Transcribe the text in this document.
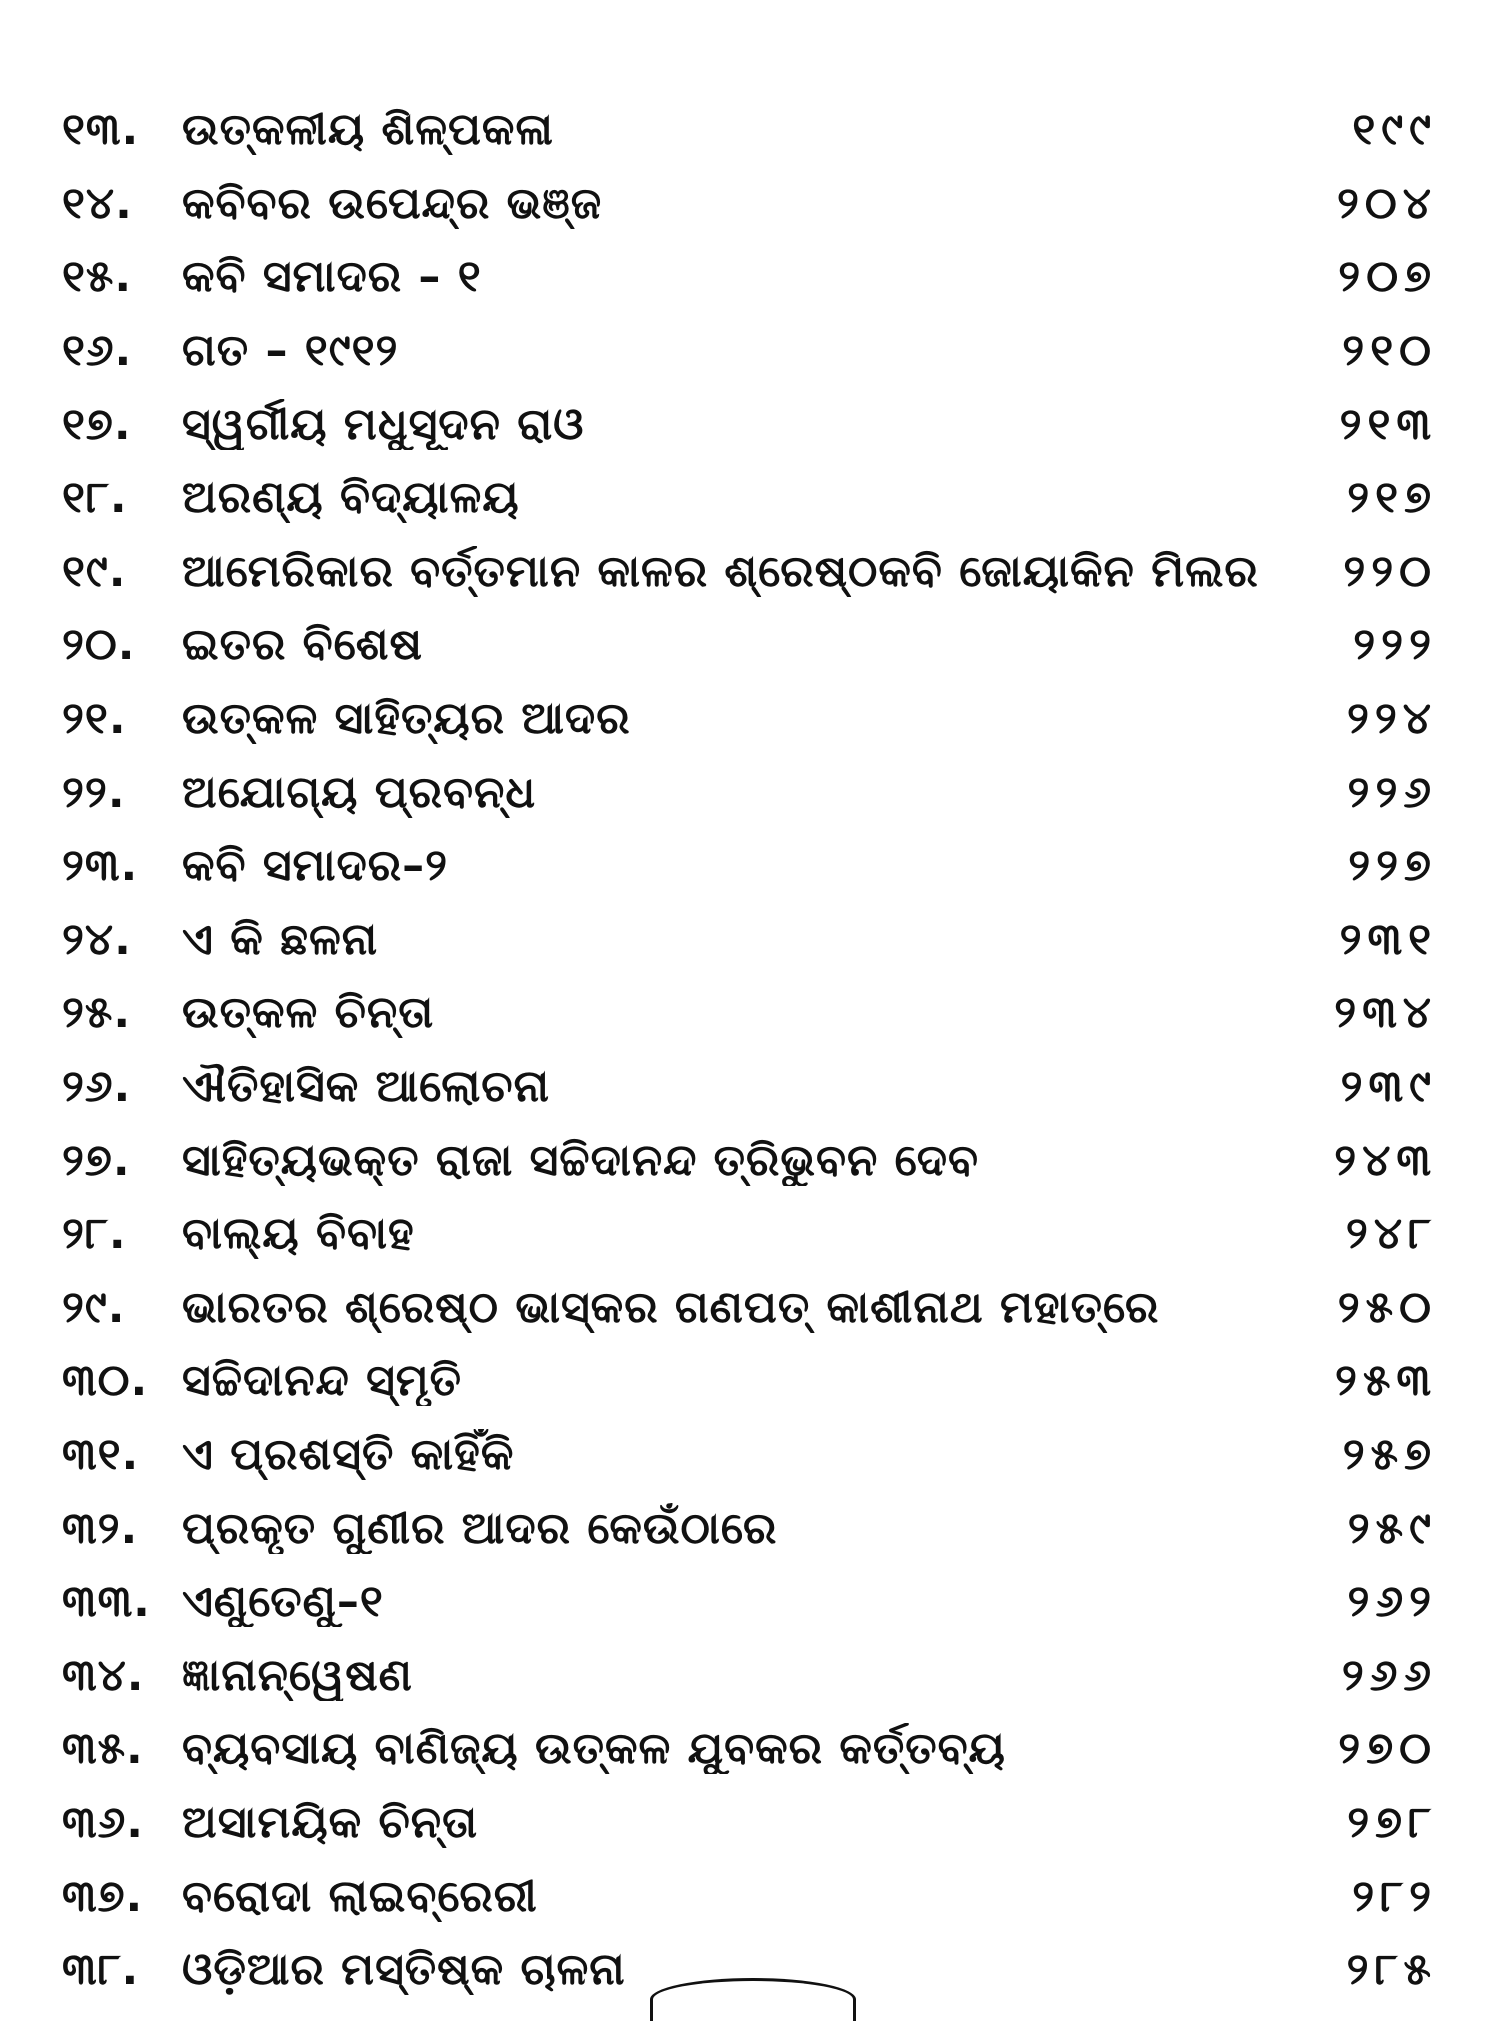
୧୩. ଉତ୍କଳୀୟ ଶିଳ୍ପକଳା	୧୯୯
୧୪.	କବିବର ଉପେନ୍ଦ୍ର ଭଞ୍ଜ	୨୦୪
୧୫.	କବି ସମାଦର – ୧	୨୦୭
୧୬.	ଗତ – ୧୯୧୨	୨୧୦
୧୭.	ସ୍ୱର୍ଗୀୟ ମଧୁସୂଦନ ରାଓ	୨୧୩
୧୮.	ଅରଣ୍ୟ ବିଦ୍ୟାଳୟ	୨୧୭
୧୯.	ଆମେରିକାର ବର୍ତ୍ତମାନ କାଳର ଶ୍ରେଷ୍ଠକବି ଜୋୟାକିନ ମିଲର	୨୨୦
୨୦.	ଇତର ବିଶେଷ	୨୨୨
୨୧.	ଉତ୍କଳ ସାହିତ୍ୟର ଆଦର	୨୨୪
୨୨.	ଅଯୋଗ୍ୟ ପ୍ରବନ୍ଧ	୨୨୬
୨୩. କବି ସମାଦର–୨	୨୨୭
୨୪.	ଏ କି ଛଳନା	୨୩୧
୨୫.	ଉତ୍କଳ ଚିନ୍ତା	୨୩୪
୨୬.	ଐତିହାସିକ ଆଲୋଚନା	୨୩୯
୨୭.	ସାହିତ୍ୟଭକ୍ତ ରାଜା ସଚ୍ଚିଦାନନ୍ଦ ତ୍ରିଭୁବନ ଦେବ	୨୪୩
୨୮.	ବାଲ୍ୟ ବିବାହ	୨୪୮
୨୯.	ଭାରତର ଶ୍ରେଷ୍ଠ ଭାସ୍କର ଗଣପତ୍ କାଶୀନାଥ ମହାତ୍ରେ	୨୫୦
୩୦. ସଚ୍ଚିଦାନନ୍ଦ ସ୍ମୃତି	୨୫୩
୩୧. ଏ ପ୍ରଶସ୍ତି କାହିଁକି	୨୫୭
୩୨. ପ୍ରକୃତ ଗୁଣୀର ଆଦର କେଉଁଠାରେ	୨୫୯
୩୩. ଏଣୁତେଣୁ–୧	୨୬୨
୩୪. ଜ୍ଞାନାନ୍ୱେଷଣ	୨୬୬
୩୫. ବ୍ୟବସାୟ ବାଣିଜ୍ୟ ଉତ୍କଳ ଯୁବକର କର୍ତ୍ତବ୍ୟ	୨୭୦
୩୬. ଅସାମୟିକ ଚିନ୍ତା	୨୭୮
୩୭. ବରୋଦା ଲାଇବ୍ରେରୀ	୨୮୨
୩୮. ଓଡ଼ିଆର ମସ୍ତିଷ୍କ ଚାଳନା	୨୮୫
